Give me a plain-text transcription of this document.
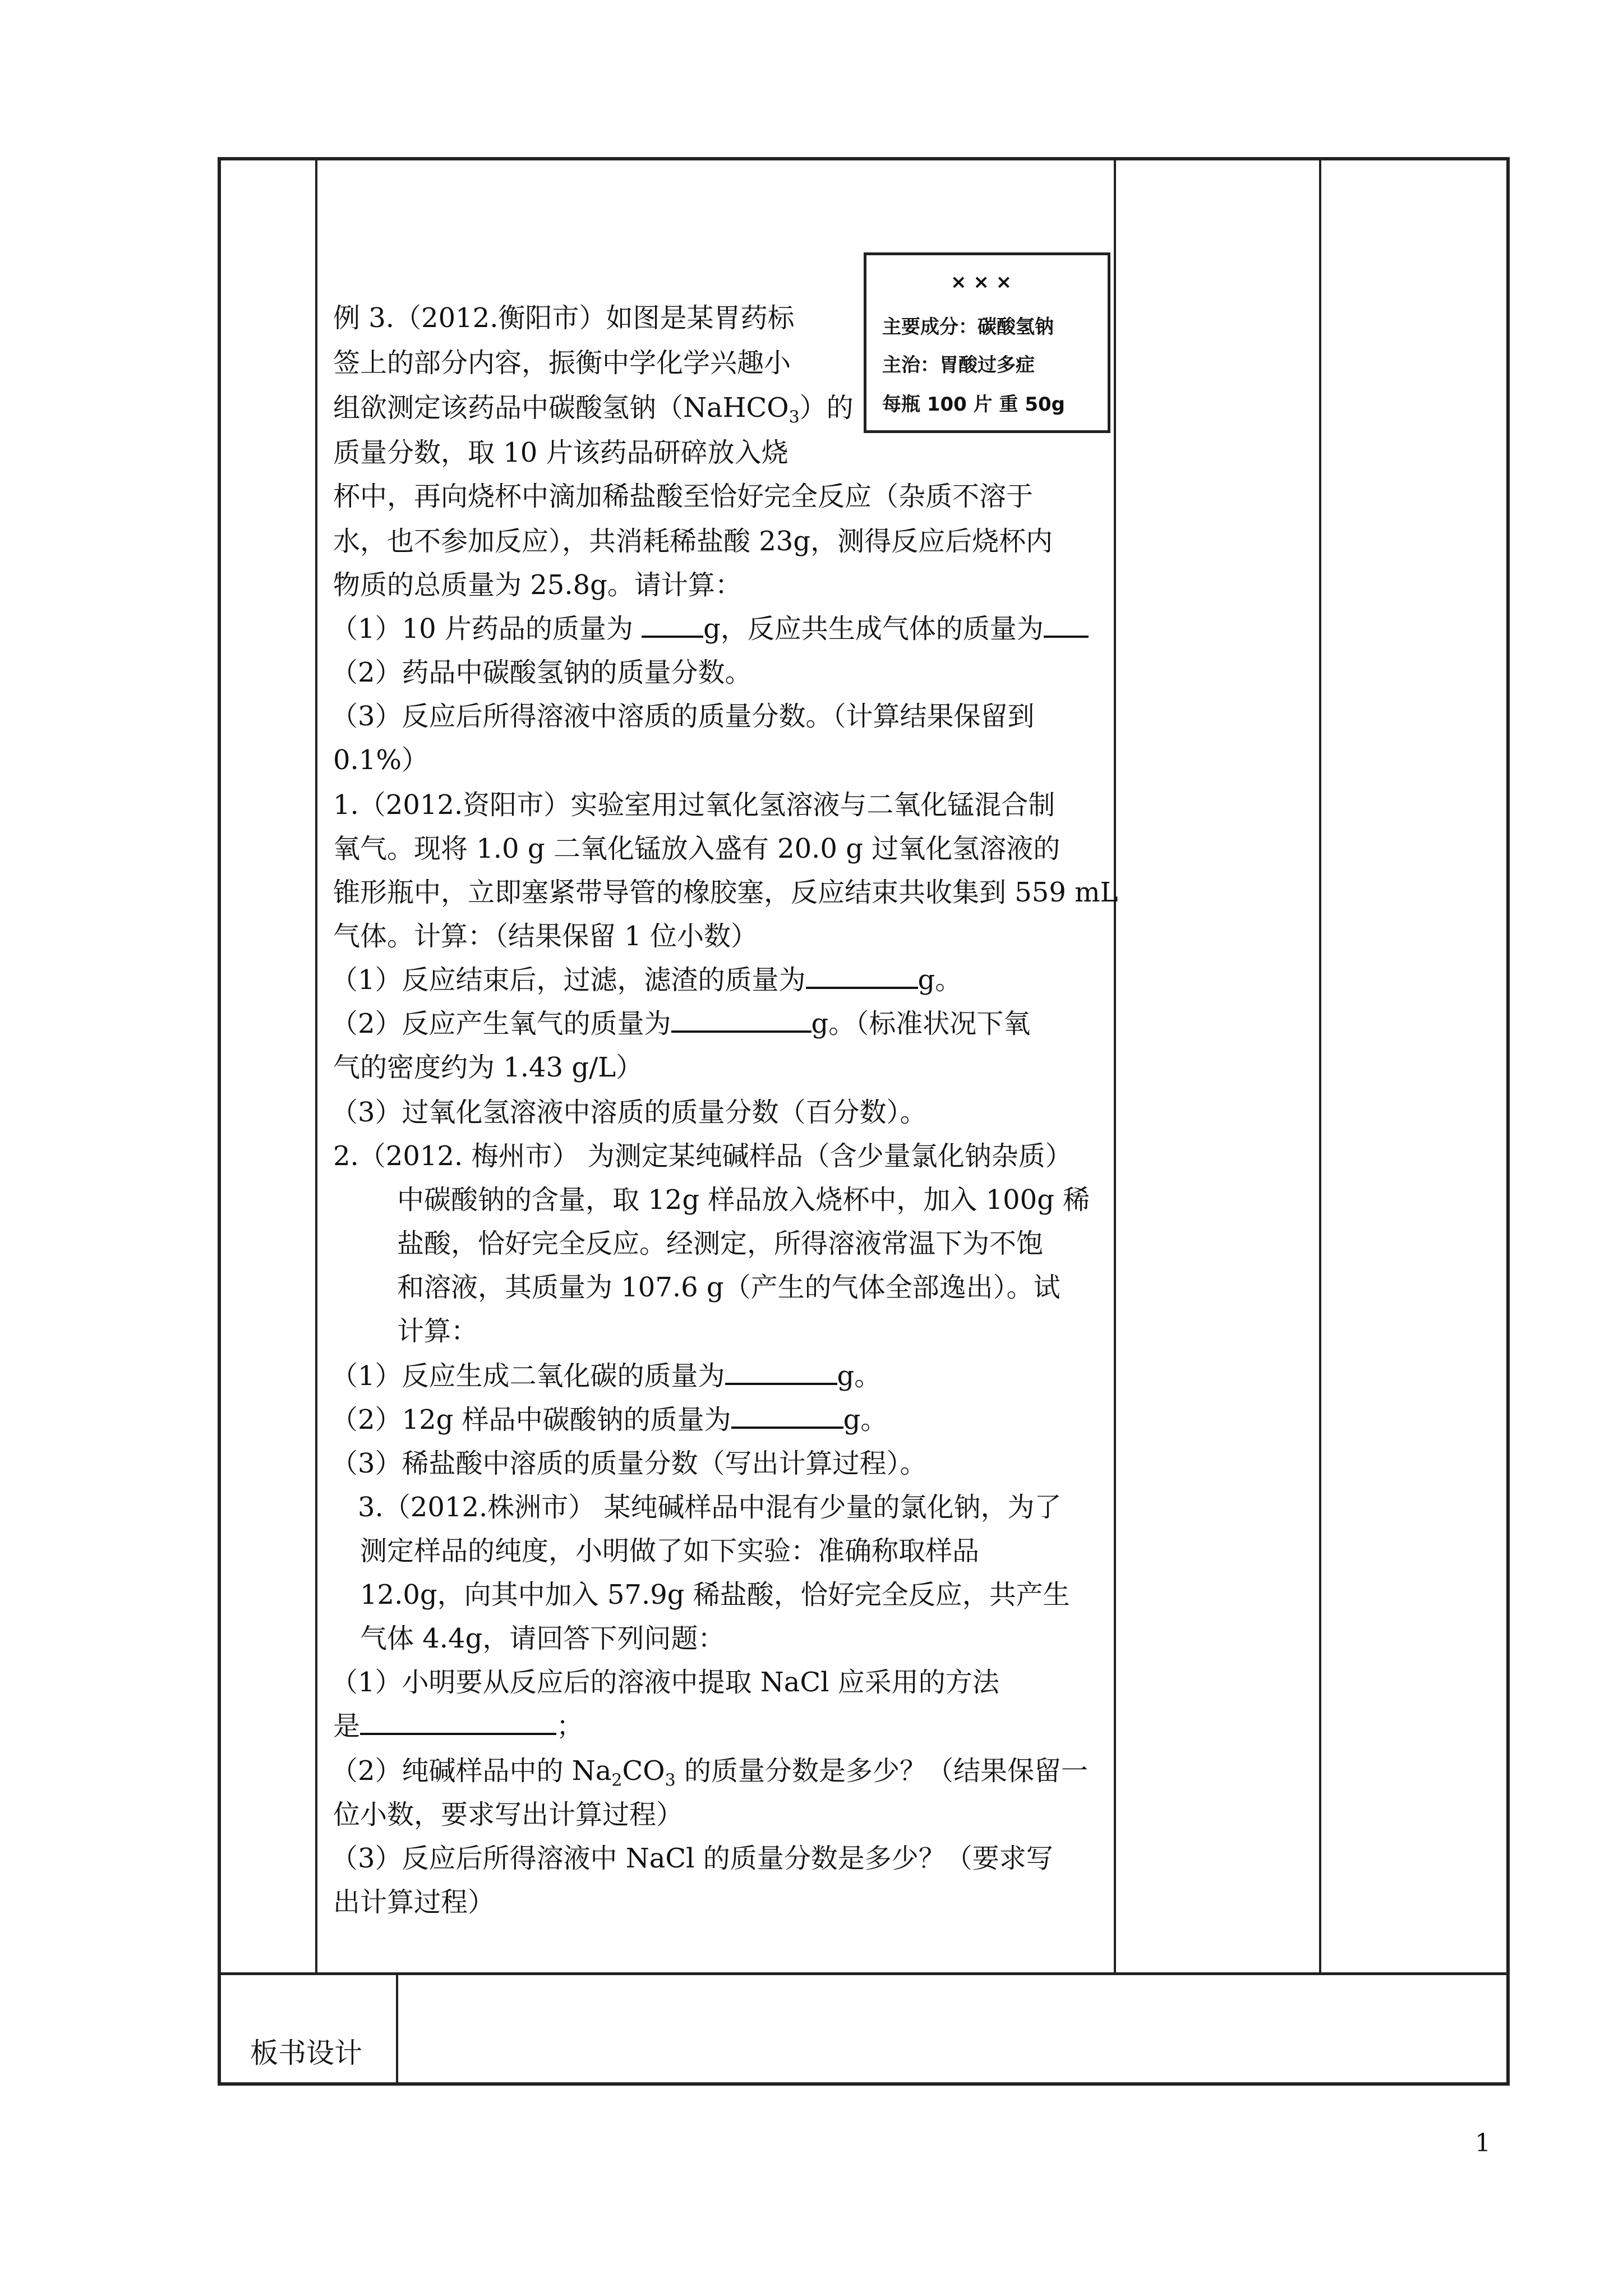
× × ×
主要成分：碳酸氢钠
主治：胃酸过多症
每瓶 100 片 重 50g
例 3.（2012.衡阳市）如图是某胃药标
签上的部分内容，振衡中学化学兴趣小
组欲测定该药品中碳酸氢钠（NaHCO$_3$）的
质量分数，取 10 片该药品研碎放入烧
杯中，再向烧杯中滴加稀盐酸至恰好完全反应（杂质不溶于
水，也不参加反应），共消耗稀盐酸 23g，测得反应后烧杯内
物质的总质量为 25.8g。请计算：
（1）10 片药品的质量为	g，反应共生成气体的质量为
（2）药品中碳酸氢钠的质量分数。
（3）反应后所得溶液中溶质的质量分数。（计算结果保留到
0.1%）
1.（2012.资阳市）实验室用过氧化氢溶液与二氧化锰混合制
氧气。现将 1.0 g 二氧化锰放入盛有 20.0 g 过氧化氢溶液的
锥形瓶中，立即塞紧带导管的橡胶塞，反应结束共收集到 559 mL
气体。计算：（结果保留 1 位小数）
（1）反应结束后，过滤，滤渣的质量为	g。
（2）反应产生氧气的质量为	g。（标准状况下氧
气的密度约为 1.43 g/L）
（3）过氧化氢溶液中溶质的质量分数（百分数）。
2.（2012. 梅州市） 为测定某纯碱样品（含少量氯化钠杂质）
中碳酸钠的含量，取 12g 样品放入烧杯中，加入 100g 稀
盐酸，恰好完全反应。经测定，所得溶液常温下为不饱
和溶液，其质量为 107.6 g（产生的气体全部逸出）。试
计算：
（1）反应生成二氧化碳的质量为	g。
（2）12g 样品中碳酸钠的质量为	g。
（3）稀盐酸中溶质的质量分数（写出计算过程）。
3.（2012.株洲市） 某纯碱样品中混有少量的氯化钠，为了
测定样品的纯度，小明做了如下实验：准确称取样品
12.0g，向其中加入 57.9g 稀盐酸，恰好完全反应，共产生
气体 4.4g，请回答下列问题：
（1）小明要从反应后的溶液中提取 NaCl 应采用的方法
是	；
（2）纯碱样品中的 $Na_2CO_3$ 的质量分数是多少？（结果保留一
位小数，要求写出计算过程）
（3）反应后所得溶液中 NaCl 的质量分数是多少？（要求写
出计算过程）
板书设计
1
